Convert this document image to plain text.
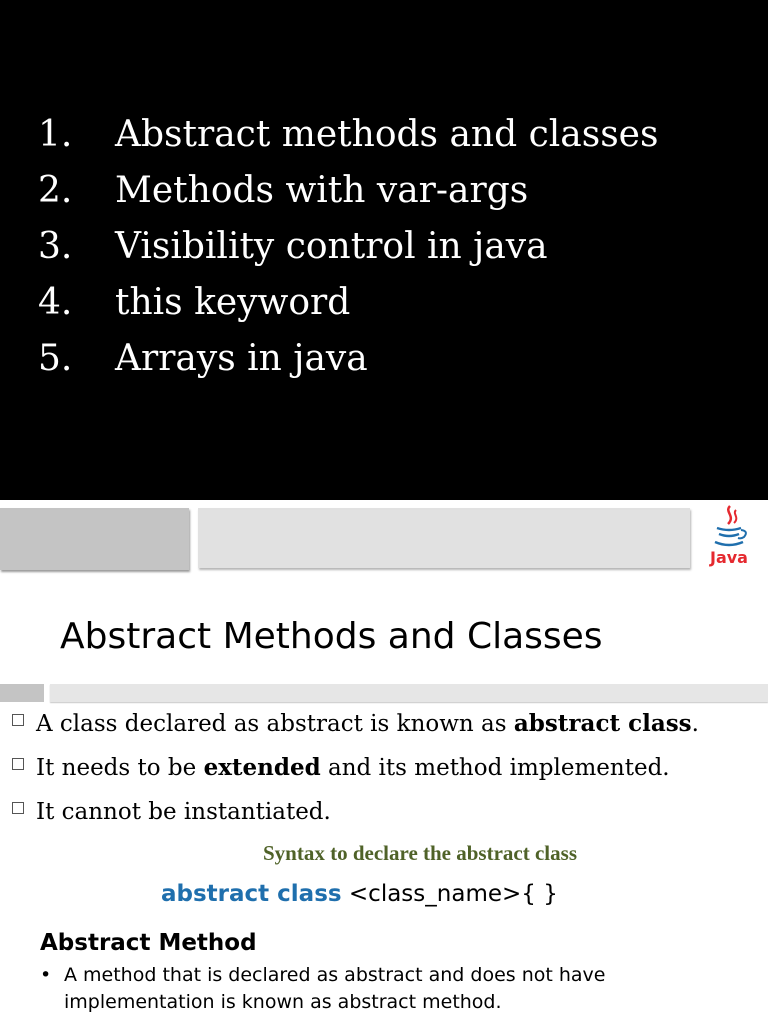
1.	Abstract methods and classes
2.	Methods with var-args
3.	Visibility control in java
4.	this keyword
5.	Arrays in java
Java
Abstract Methods and Classes
A class declared as abstract is known as abstract class.
It needs to be extended and its method implemented.
It cannot be instantiated.
Syntax to declare the abstract class
abstract class <class_name>{ }
Abstract Method
• A method that is declared as abstract and does not have implementation is known as abstract method.
